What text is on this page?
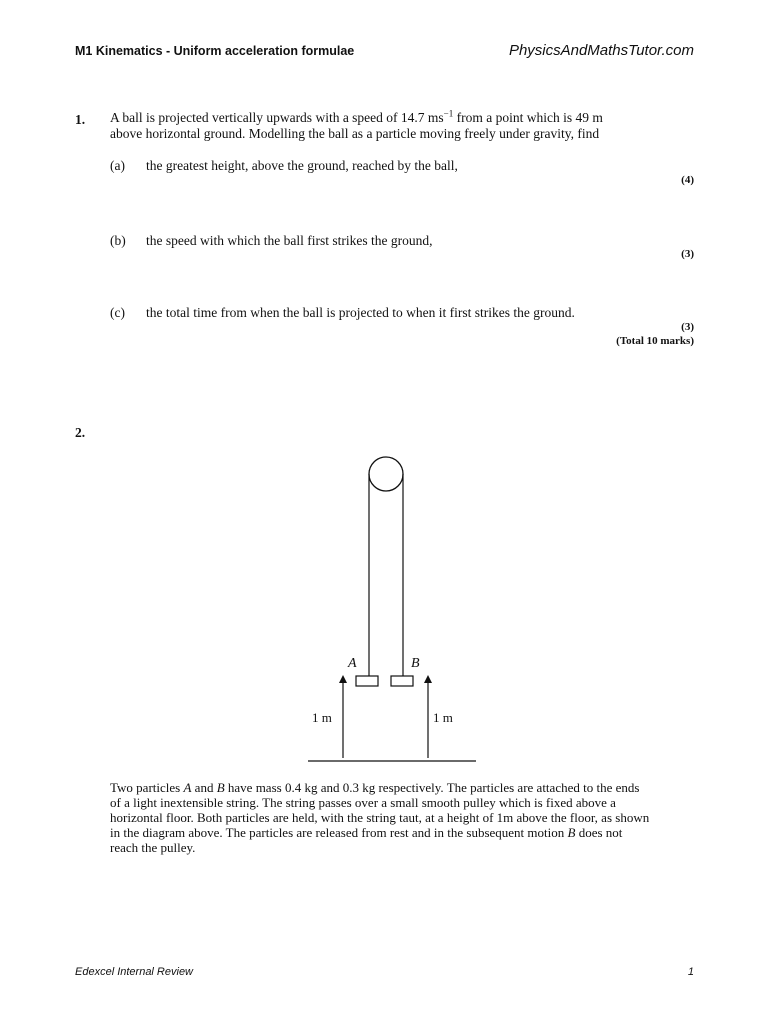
M1 Kinematics - Uniform acceleration formulae	PhysicsAndMathsTutor.com
1. A ball is projected vertically upwards with a speed of 14.7 $ms^{-1}$ from a point which is 49 m
above horizontal ground. Modelling the ball as a particle moving freely under gravity, find
(a) the greatest height, above the ground, reached by the ball,
(4)
(b) the speed with which the ball first strikes the ground,
(3)
(c) the total time from when the ball is projected to when it first strikes the ground.
(3)
(Total 10 marks)
2.
A	B
1 m	1 m
Two particles A and B have mass 0.4 kg and 0.3 kg respectively. The particles are attached to the ends of a light inextensible string. The string passes over a small smooth pulley which is fixed above a horizontal floor. Both particles are held, with the string taut, at a height of 1m above the floor, as shown in the diagram above. The particles are released from rest and in the subsequent motion B does not reach the pulley.
Edexcel Internal Review	1
